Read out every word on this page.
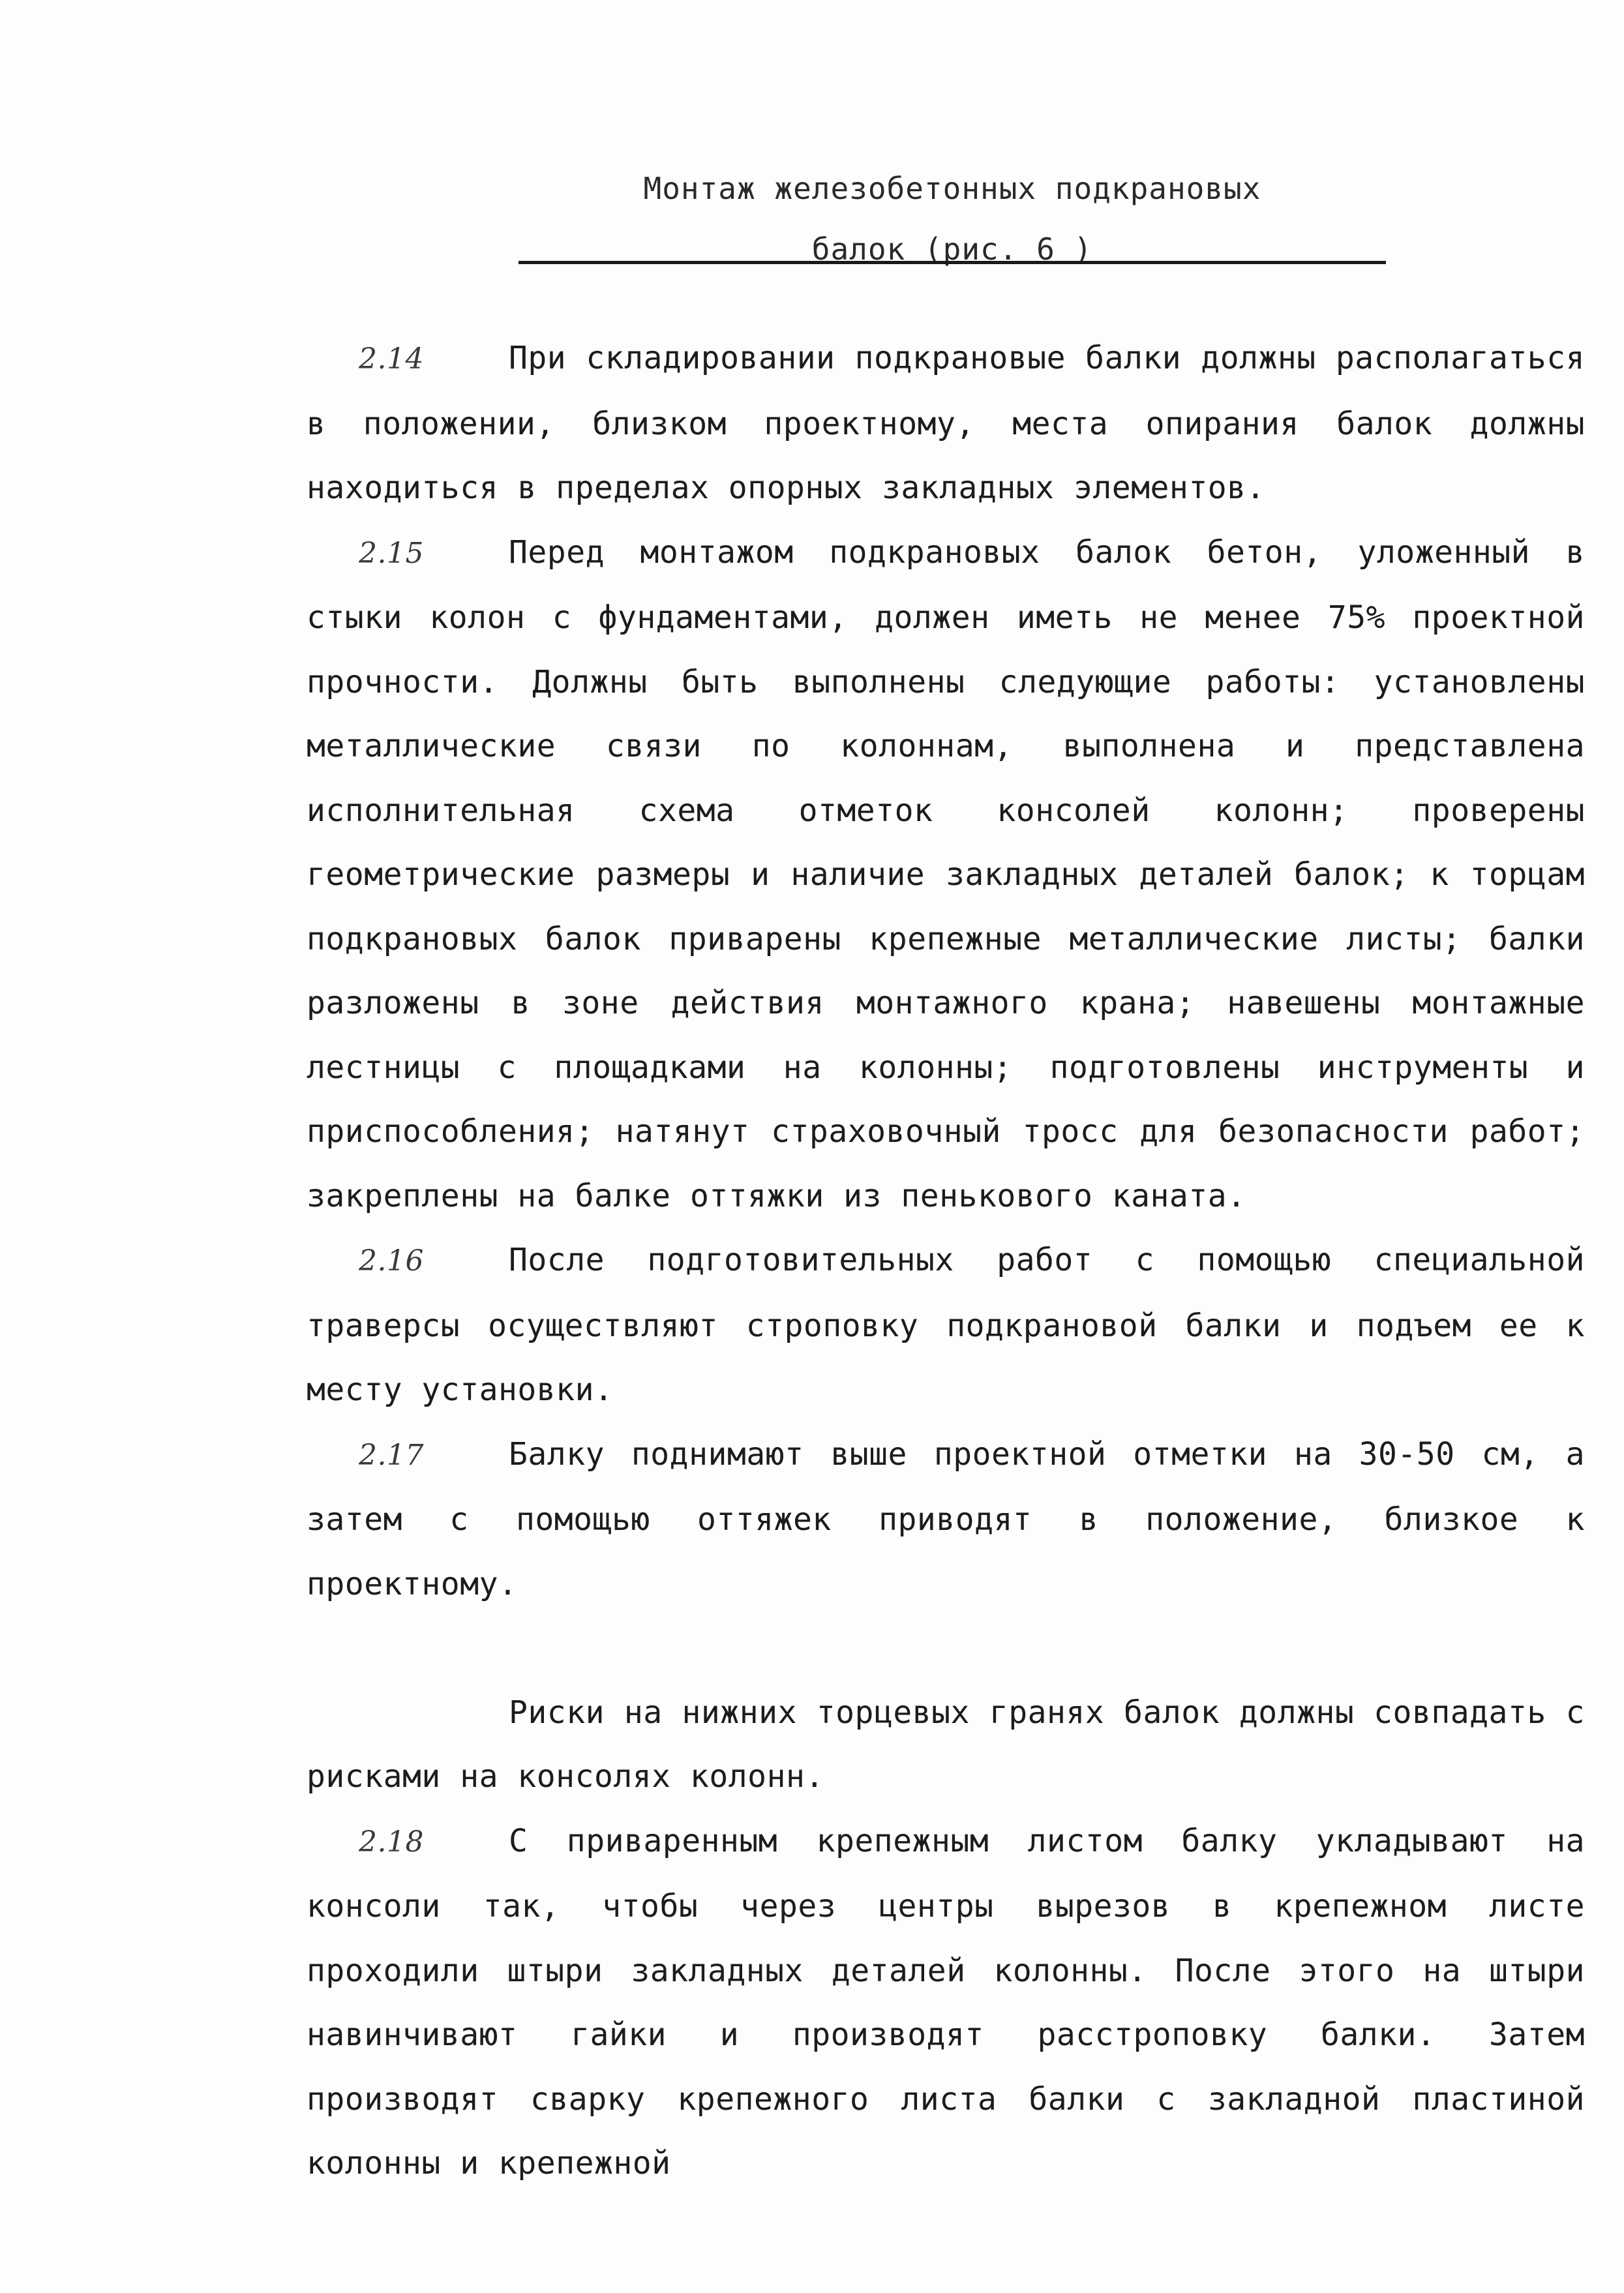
Монтаж железобетонных подкрановых
балок (рис. 6 )

2.14	При складировании подкрановые балки должны располагаться в положении, близком проектному, места опирания балок должны находиться в пределах опорных закладных элементов.

2.15	Перед монтажом подкрановых балок бетон, уложенный в стыки колон с фундаментами, должен иметь не менее 75% проектной прочности. Должны быть выполнены следующие работы: установлены металлические связи по колоннам, выполнена и представлена исполнительная схема отметок консолей колонн; проверены геометрические размеры и наличие закладных деталей балок; к торцам подкрановых балок приварены крепежные металлические листы; балки разложены в зоне действия монтажного крана; навешены монтажные лестницы с площадками на колонны; подготовлены инструменты и приспособления; натянут страховочный тросс для безопасности работ; закреплены на балке оттяжки из пенькового каната.

2.16	После подготовительных работ с помощью специальной траверсы осуществляют строповку подкрановой балки и подъем ее к месту установки.

2.17	Балку поднимают выше проектной отметки на 30-50 см, а затем с помощью оттяжек приводят в положение, близкое к проектному.

Риски на нижних торцевых гранях балок должны совпадать с рисками на консолях колонн.

2.18	С приваренным крепежным листом балку укладывают на консоли так, чтобы через центры вырезов в крепежном листе проходили штыри закладных деталей колонны. После этого на штыри навинчивают гайки и производят расстроповку балки. Затем производят сварку крепежного листа балки с закладной пластиной колонны и крепежной
